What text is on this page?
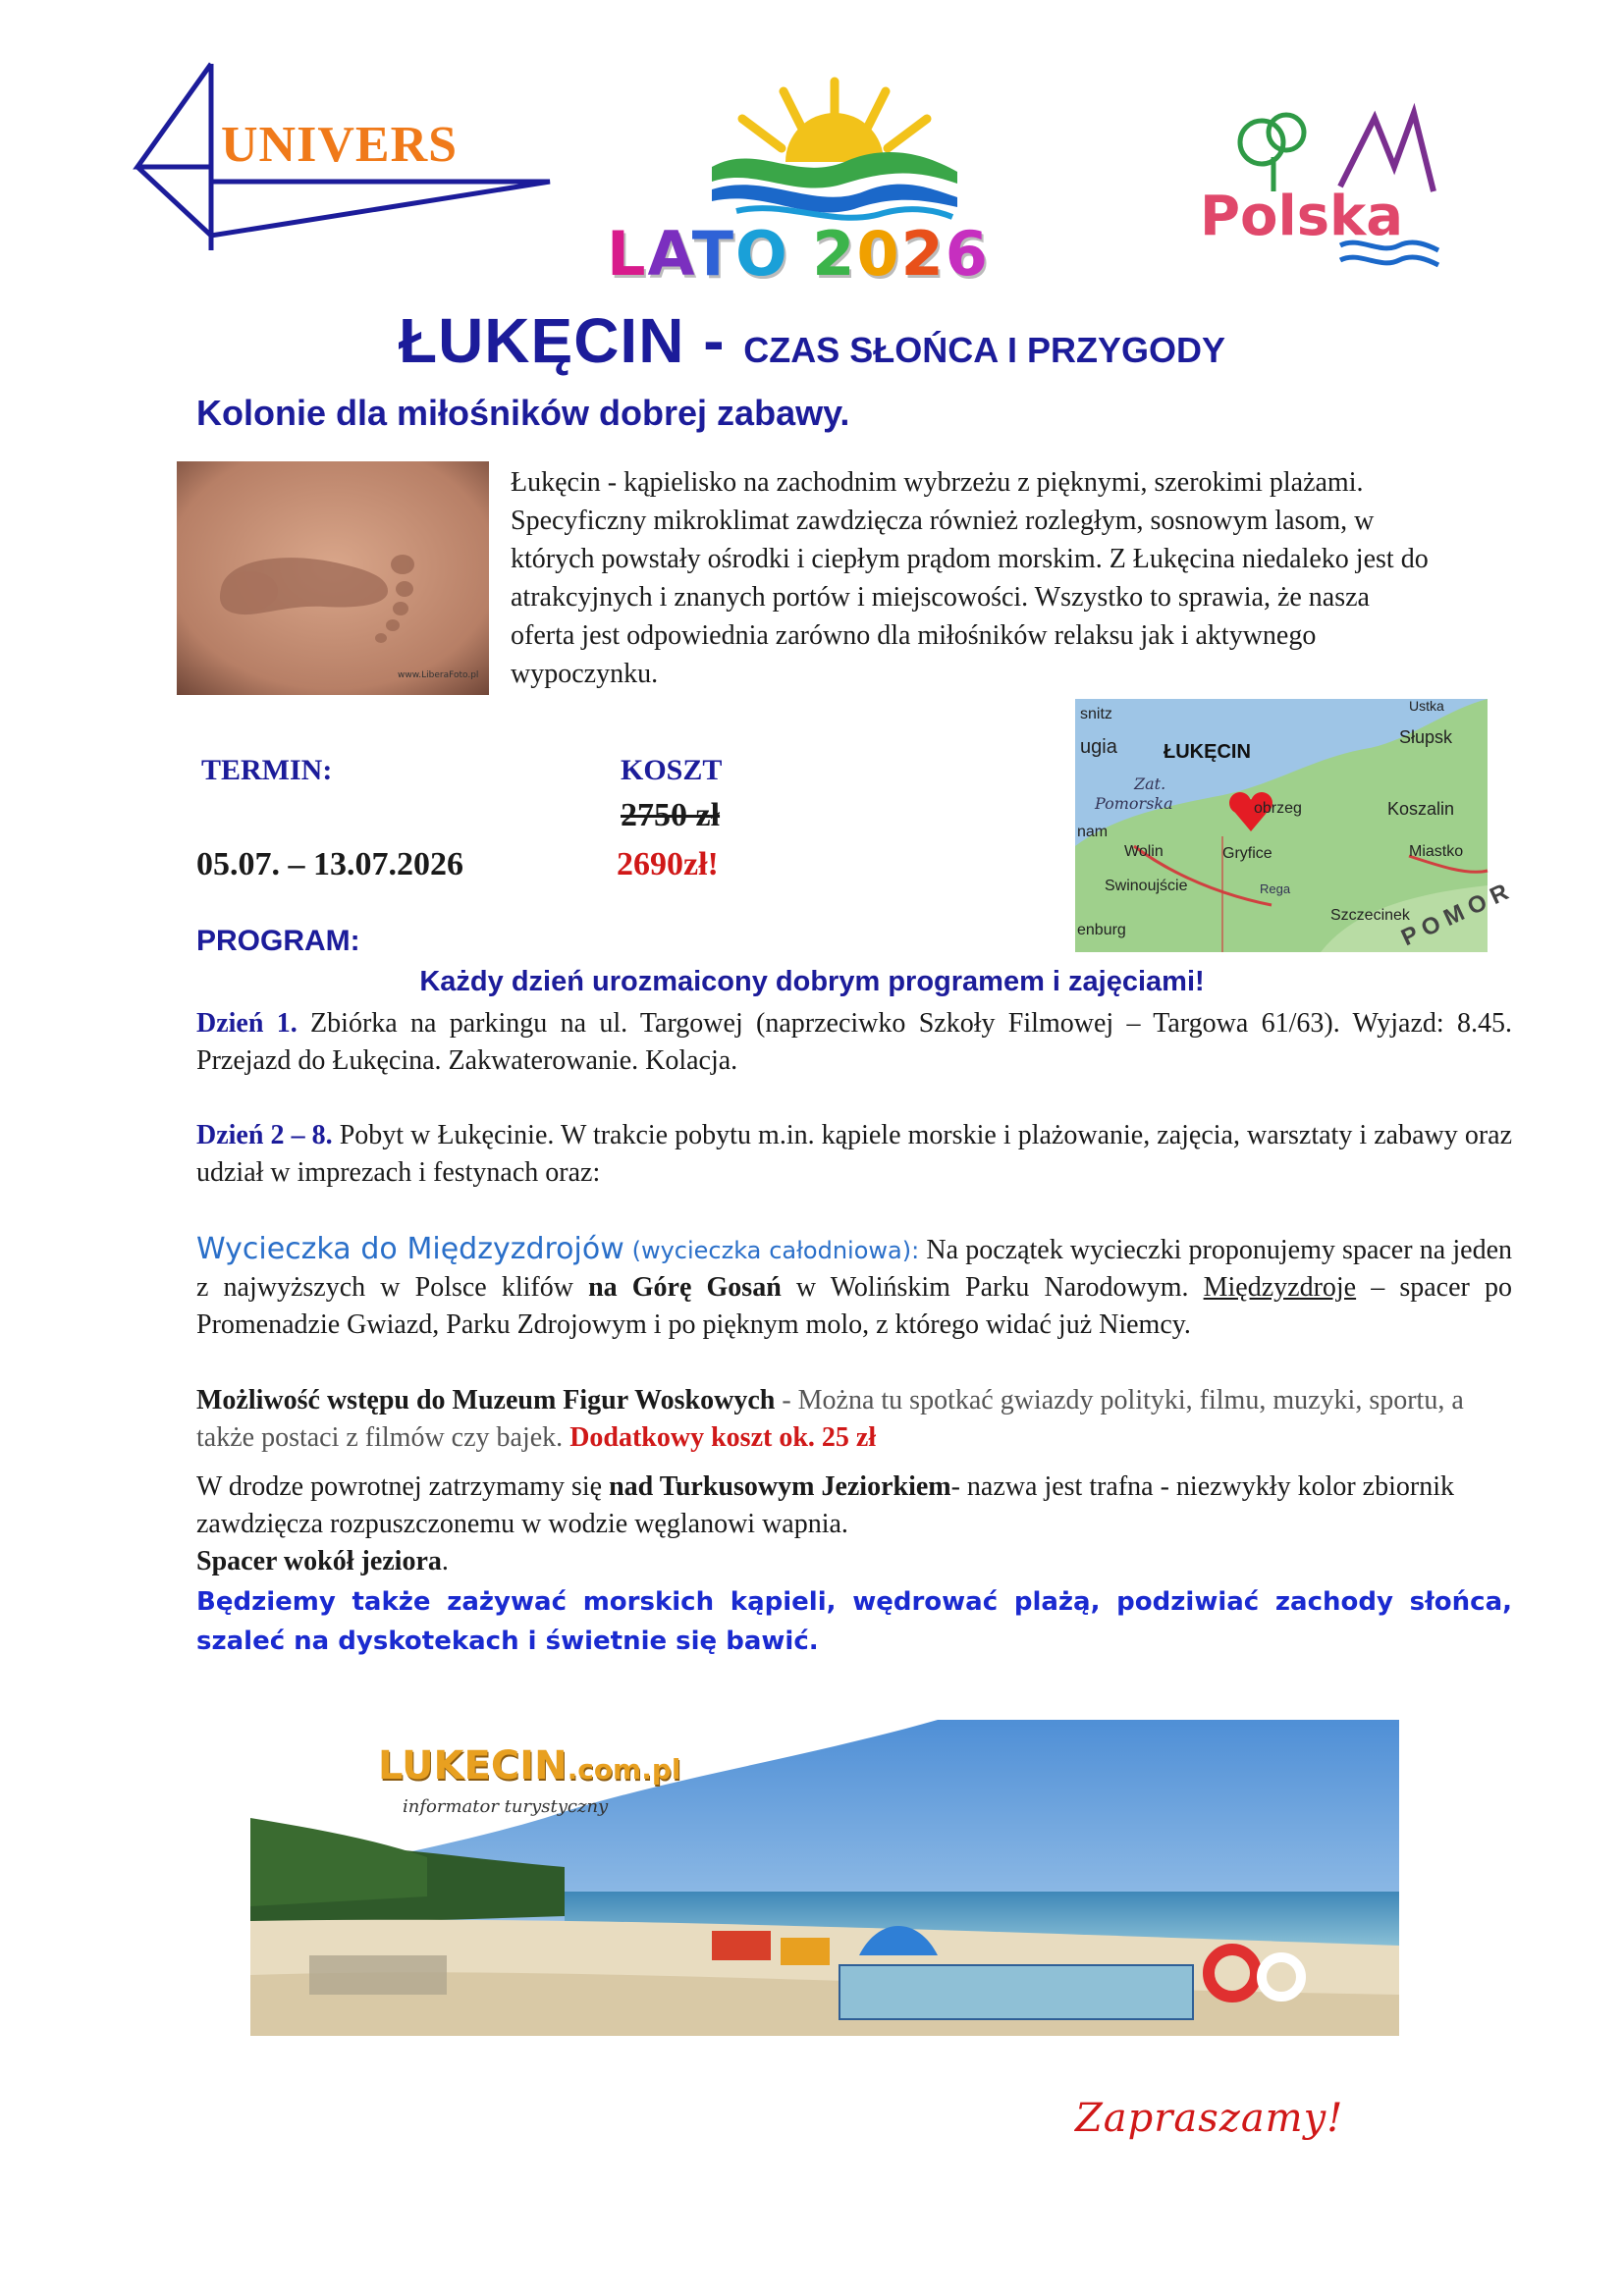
UNIVERS
LATO 2026
Polska
ŁUKĘCIN - CZAS SŁOŃCA I PRZYGODY
Kolonie dla miłośników dobrej zabawy.
www.LiberaFoto.pl
Łukęcin - kąpielisko na zachodnim wybrzeżu z pięknymi, szerokimi plażami. Specyficzny mikroklimat zawdzięcza również rozległym, sosnowym lasom, w których powstały ośrodki i ciepłym prądom morskim. Z Łukęcina niedaleko jest do atrakcyjnych i znanych portów i miejscowości. Wszystko to sprawia, że nasza oferta jest odpowiednia zarówno dla miłośników relaksu jak i aktywnego wypoczynku.
snitz
ugia ŁUKĘCIN
Zat.
Pomorska
nam
Wolin
Swinoujście
enburg
obrzeg
Gryfice
Koszalin
Ustka
Słupsk
Miastko
Szczecinek
P O M O R
Rega
TERMIN:	KOSZT
2750 zł
05.07. – 13.07.2026	2690zł!
PROGRAM:
Każdy dzień urozmaicony dobrym programem i zajęciami!
Dzień 1. Zbiórka na parkingu na ul. Targowej (naprzeciwko Szkoły Filmowej – Targowa 61/63). Wyjazd: 8.45. Przejazd do Łukęcina. Zakwaterowanie. Kolacja.
Dzień 2 – 8. Pobyt w Łukęcinie. W trakcie pobytu m.in. kąpiele morskie i plażowanie, zajęcia, warsztaty i zabawy oraz udział w imprezach i festynach oraz:
Wycieczka do Międzyzdrojów (wycieczka całodniowa): Na początek wycieczki proponujemy spacer na jeden z najwyższych w Polsce klifów na Górę Gosań w Wolińskim Parku Narodowym. Międzyzdroje – spacer po Promenadzie Gwiazd, Parku Zdrojowym i po pięknym molo, z którego widać już Niemcy.
Możliwość wstępu do Muzeum Figur Woskowych - Można tu spotkać gwiazdy polityki, filmu, muzyki, sportu, a także postaci z filmów czy bajek. Dodatkowy koszt ok. 25 zł
W drodze powrotnej zatrzymamy się nad Turkusowym Jeziorkiem- nazwa jest trafna - niezwykły kolor zbiornik zawdzięcza rozpuszczonemu w wodzie węglanowi wapnia.
Spacer wokół jeziora.
Będziemy także zażywać morskich kąpieli, wędrować plażą, podziwiać zachody słońca, szaleć na dyskotekach i świetnie się bawić.
LUKECIN.com.pl
informator turystyczny
Zapraszamy!
